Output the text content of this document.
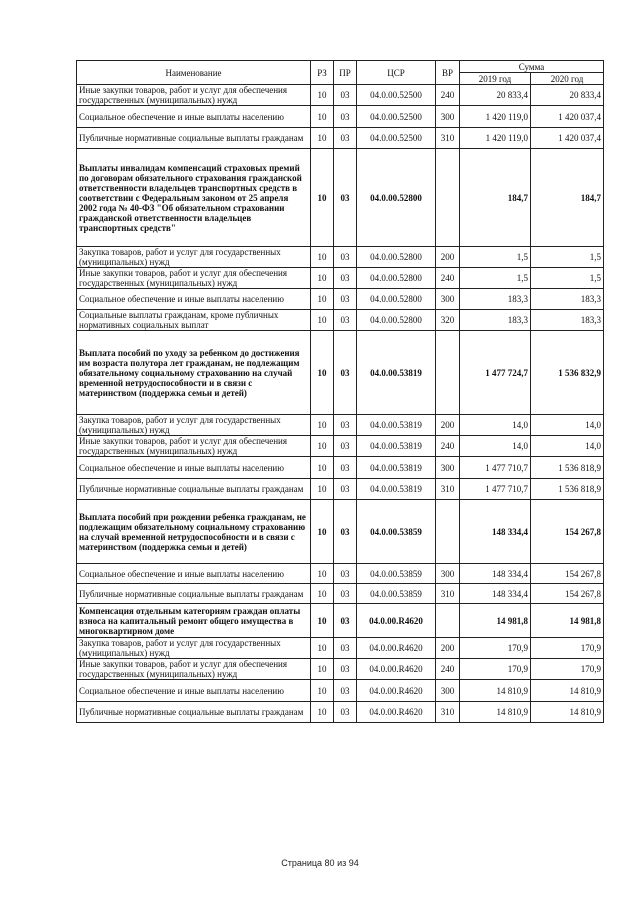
Наименование	РЗ	ПР	ЦСР	ВР	Сумма	
					2019 год	2020 год
Иные закупки товаров, работ и услуг для обеспечения государственных (муниципальных) нужд	10	03	04.0.00.52500	240	20 833,4	20 833,4
Социальное обеспечение и иные выплаты населению	10	03	04.0.00.52500	300	1 420 119,0	1 420 037,4
Публичные нормативные социальные выплаты гражданам	10	03	04.0.00.52500	310	1 420 119,0	1 420 037,4
Выплаты инвалидам компенсаций страховых премий по договорам обязательного страхования гражданской ответственности владельцев транспортных средств в соответствии с Федеральным законом от 25 апреля 2002 года № 40-ФЗ "Об обязательном страховании гражданской ответственности владельцев транспортных средств"	10	03	04.0.00.52800		184,7	184,7
Закупка товаров, работ и услуг для государственных (муниципальных) нужд	10	03	04.0.00.52800	200	1,5	1,5
Иные закупки товаров, работ и услуг для обеспечения государственных (муниципальных) нужд	10	03	04.0.00.52800	240	1,5	1,5
Социальное обеспечение и иные выплаты населению	10	03	04.0.00.52800	300	183,3	183,3
Социальные выплаты гражданам, кроме публичных нормативных социальных выплат	10	03	04.0.00.52800	320	183,3	183,3
Выплата пособий по уходу за ребенком до достижения им возраста полутора лет гражданам, не подлежащим обязательному социальному страхованию на случай временной нетрудоспособности и в связи с материнством (поддержка семьи и детей)	10	03	04.0.00.53819		1 477 724,7	1 536 832,9
Закупка товаров, работ и услуг для государственных (муниципальных) нужд	10	03	04.0.00.53819	200	14,0	14,0
Иные закупки товаров, работ и услуг для обеспечения государственных (муниципальных) нужд	10	03	04.0.00.53819	240	14,0	14,0
Социальное обеспечение и иные выплаты населению	10	03	04.0.00.53819	300	1 477 710,7	1 536 818,9
Публичные нормативные социальные выплаты гражданам	10	03	04.0.00.53819	310	1 477 710,7	1 536 818,9
Выплата пособий при рождении ребенка гражданам, не подлежащим обязательному социальному страхованию на случай временной нетрудоспособности и в связи с материнством (поддержка семьи и детей)	10	03	04.0.00.53859		148 334,4	154 267,8
Социальное обеспечение и иные выплаты населению	10	03	04.0.00.53859	300	148 334,4	154 267,8
Публичные нормативные социальные выплаты гражданам	10	03	04.0.00.53859	310	148 334,4	154 267,8
Компенсация отдельным категориям граждан оплаты взноса на капитальный ремонт общего имущества в многоквартирном доме	10	03	04.0.00.R4620		14 981,8	14 981,8
Закупка товаров, работ и услуг для государственных (муниципальных) нужд	10	03	04.0.00.R4620	200	170,9	170,9
Иные закупки товаров, работ и услуг для обеспечения государственных (муниципальных) нужд	10	03	04.0.00.R4620	240	170,9	170,9
Социальное обеспечение и иные выплаты населению	10	03	04.0.00.R4620	300	14 810,9	14 810,9
Публичные нормативные социальные выплаты гражданам	10	03	04.0.00.R4620	310	14 810,9	14 810,9
Страница 80 из 94
